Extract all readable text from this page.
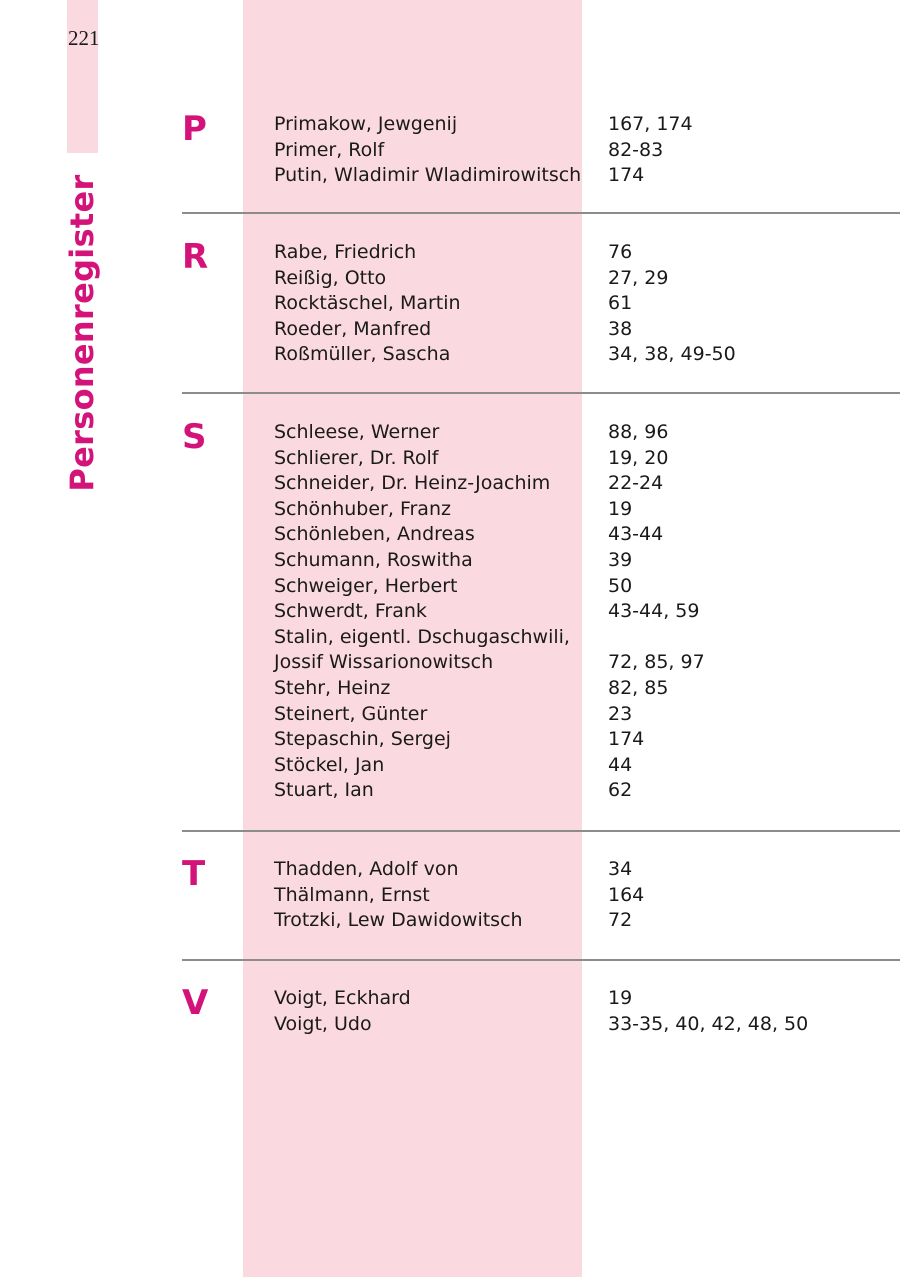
221
Personenregister
P	Primakow, Jewgenij	167, 174
Primer, Rolf	82-83
Putin, Wladimir Wladimirowitsch 174
R	Rabe, Friedrich	76
Reißig, Otto	27, 29
Rocktäschel, Martin	61
Roeder, Manfred	38
Roßmüller, Sascha	34, 38, 49-50
S	Schleese, Werner	88, 96
Schlierer, Dr. Rolf	19, 20
Schneider, Dr. Heinz-Joachim	22-24
Schönhuber, Franz	19
Schönleben, Andreas	43-44
Schumann, Roswitha	39
Schweiger, Herbert	50
Schwerdt, Frank	43-44, 59
Stalin, eigentl. Dschugaschwili,
Jossif Wissarionowitsch	72, 85, 97
Stehr, Heinz	82, 85
Steinert, Günter	23
Stepaschin, Sergej	174
Stöckel, Jan	44
Stuart, Ian	62
T	Thadden, Adolf von	34
Thälmann, Ernst	164
Trotzki, Lew Dawidowitsch	72
V	Voigt, Eckhard	19
Voigt, Udo	33-35, 40, 42, 48, 50
